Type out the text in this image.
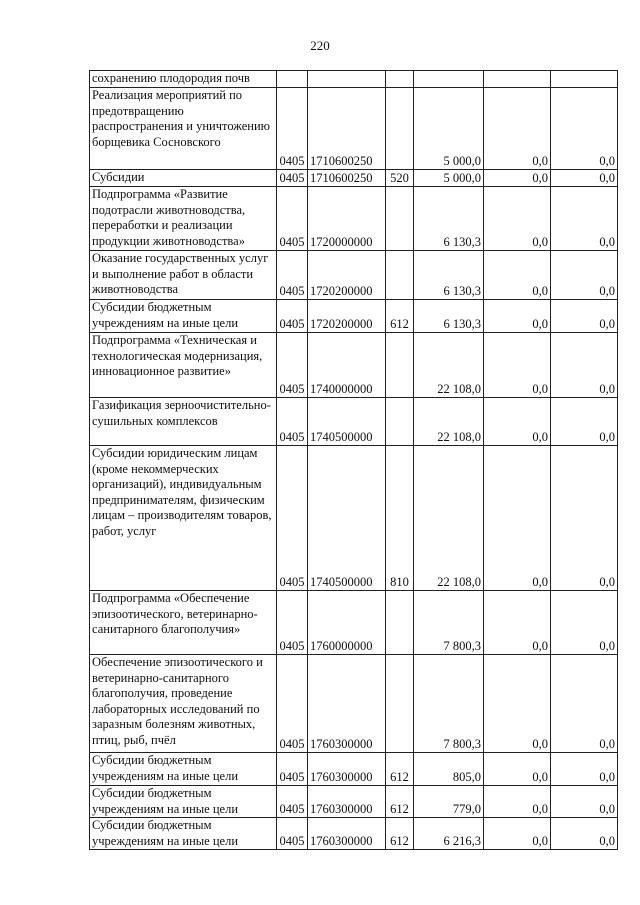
220
сохранению плодородия почв						
Реализация мероприятий по предотвращению распространения и уничтожению борщевика Сосновского	0405	1710600250		5 000,0	0,0	0,0
Субсидии	0405	1710600250	520	5 000,0	0,0	0,0
Подпрограмма «Развитие подотрасли животноводства, переработки и реализации продукции животноводства»	0405	1720000000		6 130,3	0,0	0,0
Оказание государственных услуг и выполнение работ в области животноводства	0405	1720200000		6 130,3	0,0	0,0
Субсидии бюджетным учреждениям на иные цели	0405	1720200000	612	6 130,3	0,0	0,0
Подпрограмма «Техническая и технологическая модернизация, инновационное развитие»	0405	1740000000		22 108,0	0,0	0,0
Газификация зерноочистительно-сушильных комплексов	0405	1740500000		22 108,0	0,0	0,0
Субсидии юридическим лицам (кроме некоммерческих организаций), индивидуальным предпринимателям, физическим лицам – производителям товаров, работ, услуг	0405	1740500000	810	22 108,0	0,0	0,0
Подпрограмма «Обеспечение эпизоотического, ветеринарно-санитарного благополучия»	0405	1760000000		7 800,3	0,0	0,0
Обеспечение эпизоотического и ветеринарно-санитарного благополучия, проведение лабораторных исследований по заразным болезням животных, птиц, рыб, пчёл	0405	1760300000		7 800,3	0,0	0,0
Субсидии бюджетным учреждениям на иные цели	0405	1760300000	612	805,0	0,0	0,0
Субсидии бюджетным учреждениям на иные цели	0405	1760300000	612	779,0	0,0	0,0
Субсидии бюджетным учреждениям на иные цели	0405	1760300000	612	6 216,3	0,0	0,0
